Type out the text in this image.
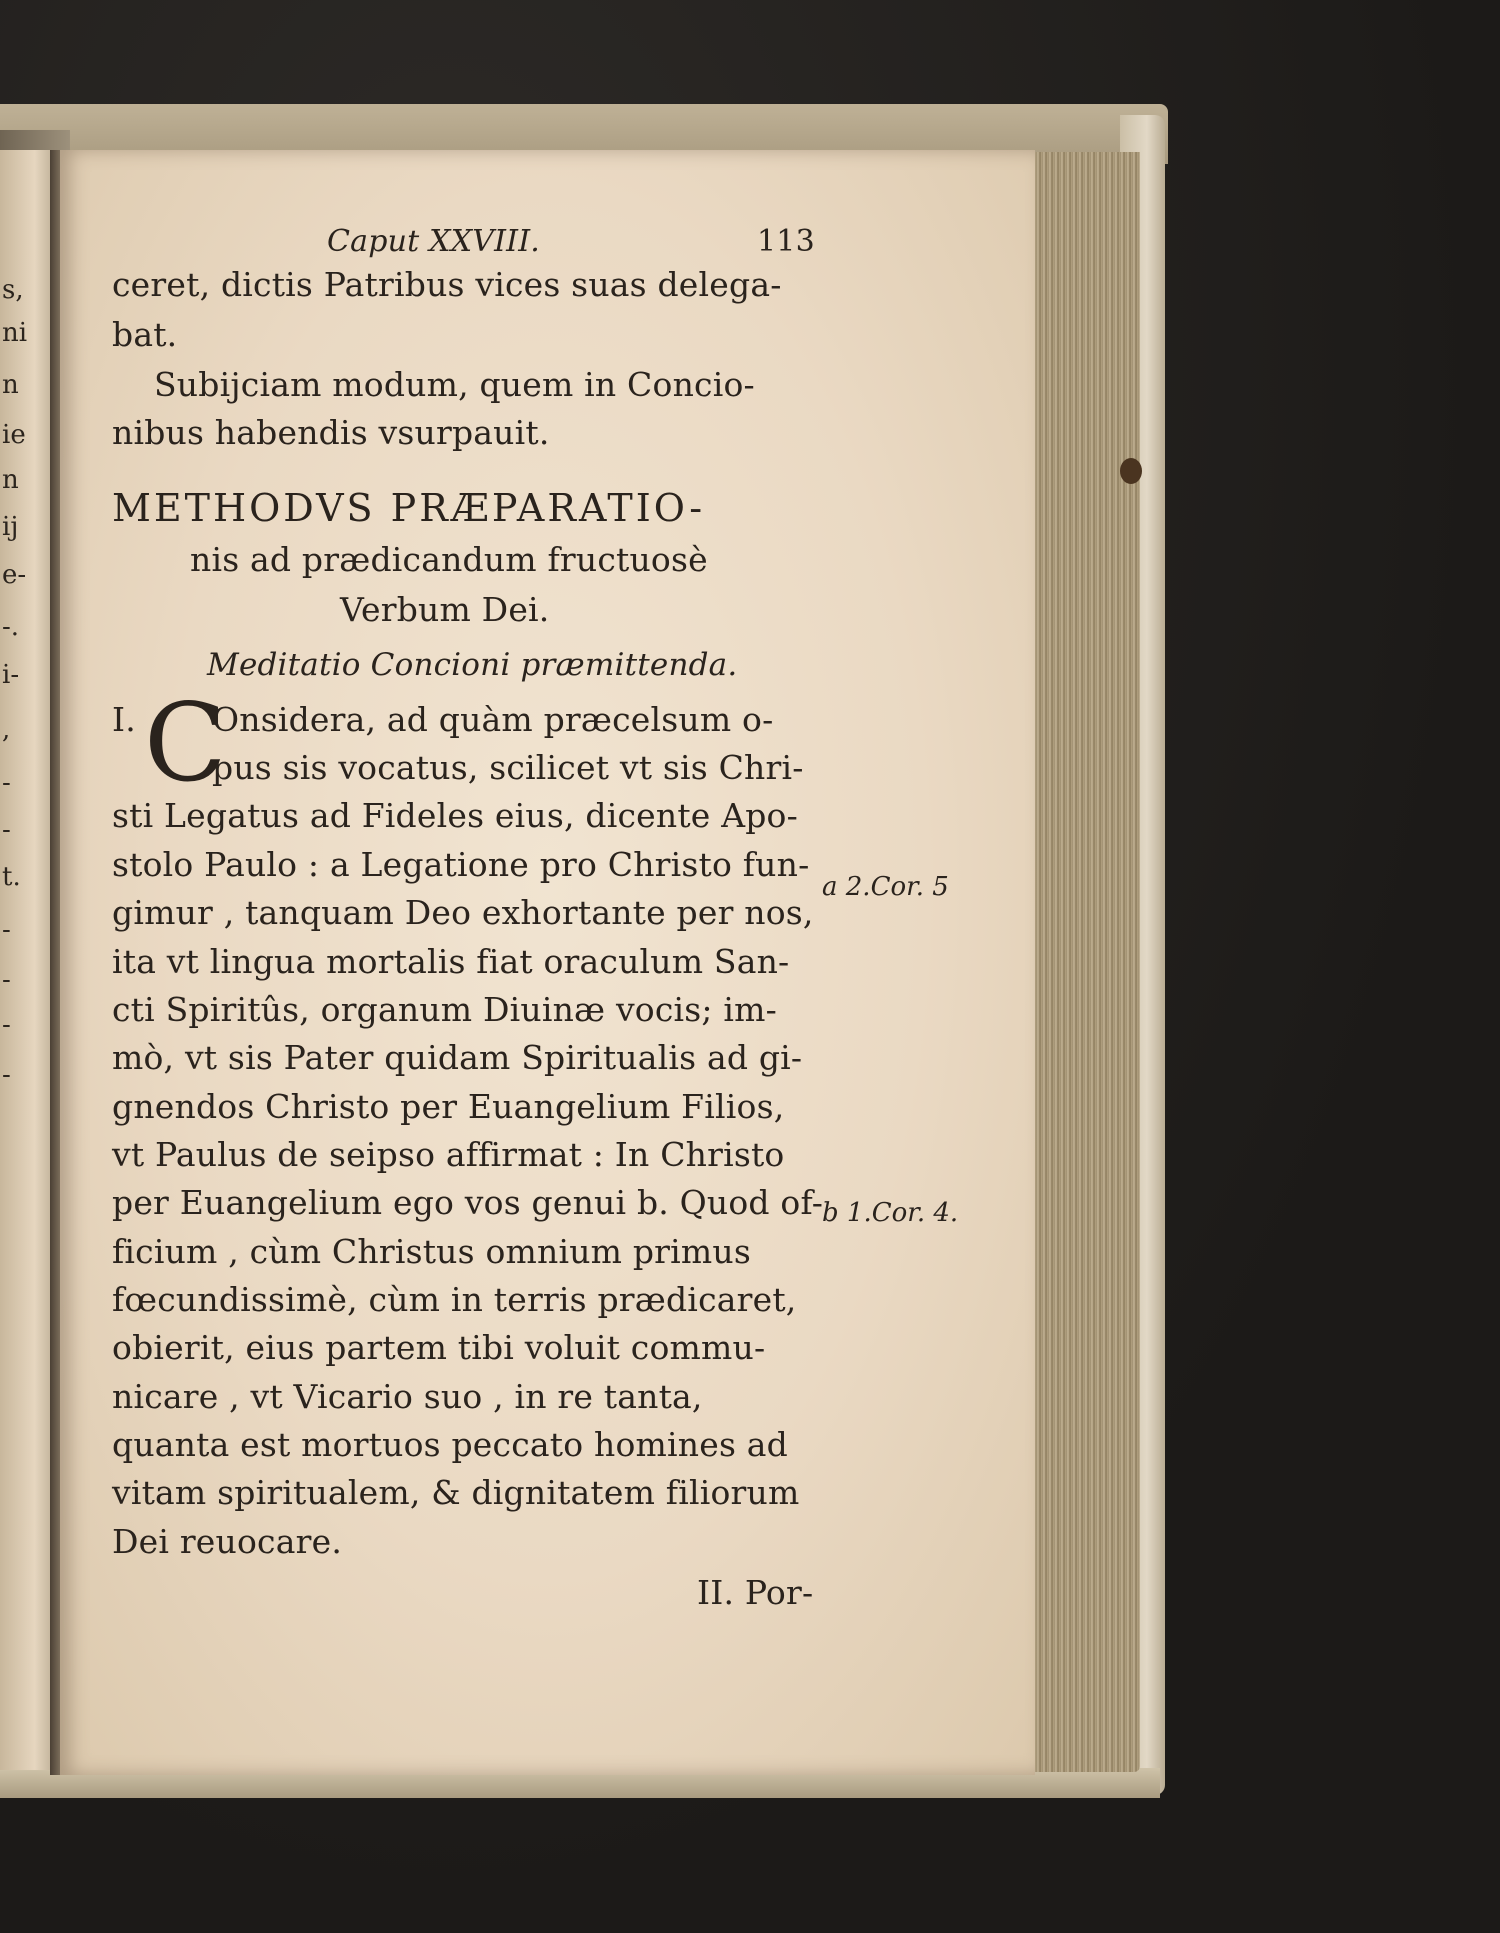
s,
ni
n
ie
n
ij
e-
-.
i-
,
-
-
t.
-
-
-
-
Caput XXVIII.	113
ceret, dictis Patribus vices suas delega-
bat.
Subijciam modum, quem in Concio-
nibus habendis vsurpauit.
METHODVS PRÆPARATIO-
nis ad prædicandum fructuosè
Verbum Dei.
Meditatio Concioni præmittenda.
I. C
Onsidera, ad quàm præcelsum o-
pus sis vocatus, scilicet vt sis Chri-
sti Legatus ad Fideles eius, dicente Apo-
stolo Paulo : a Legatione pro Christo fun-
gimur , tanquam Deo exhortante per nos,
ita vt lingua mortalis fiat oraculum San-
cti Spiritûs, organum Diuinæ vocis; im-
mò, vt sis Pater quidam Spiritualis ad gi-
gnendos Christo per Euangelium Filios,
vt Paulus de seipso affirmat : In Christo
per Euangelium ego vos genui b. Quod of-
ficium , cùm Christus omnium primus
fœcundissimè, cùm in terris prædicaret,
obierit, eius partem tibi voluit commu-
nicare , vt Vicario suo , in re tanta,
quanta est mortuos peccato homines ad
vitam spiritualem, & dignitatem filiorum
Dei reuocare.
II. Por-
a 2.Cor. 5
b 1.Cor. 4.
